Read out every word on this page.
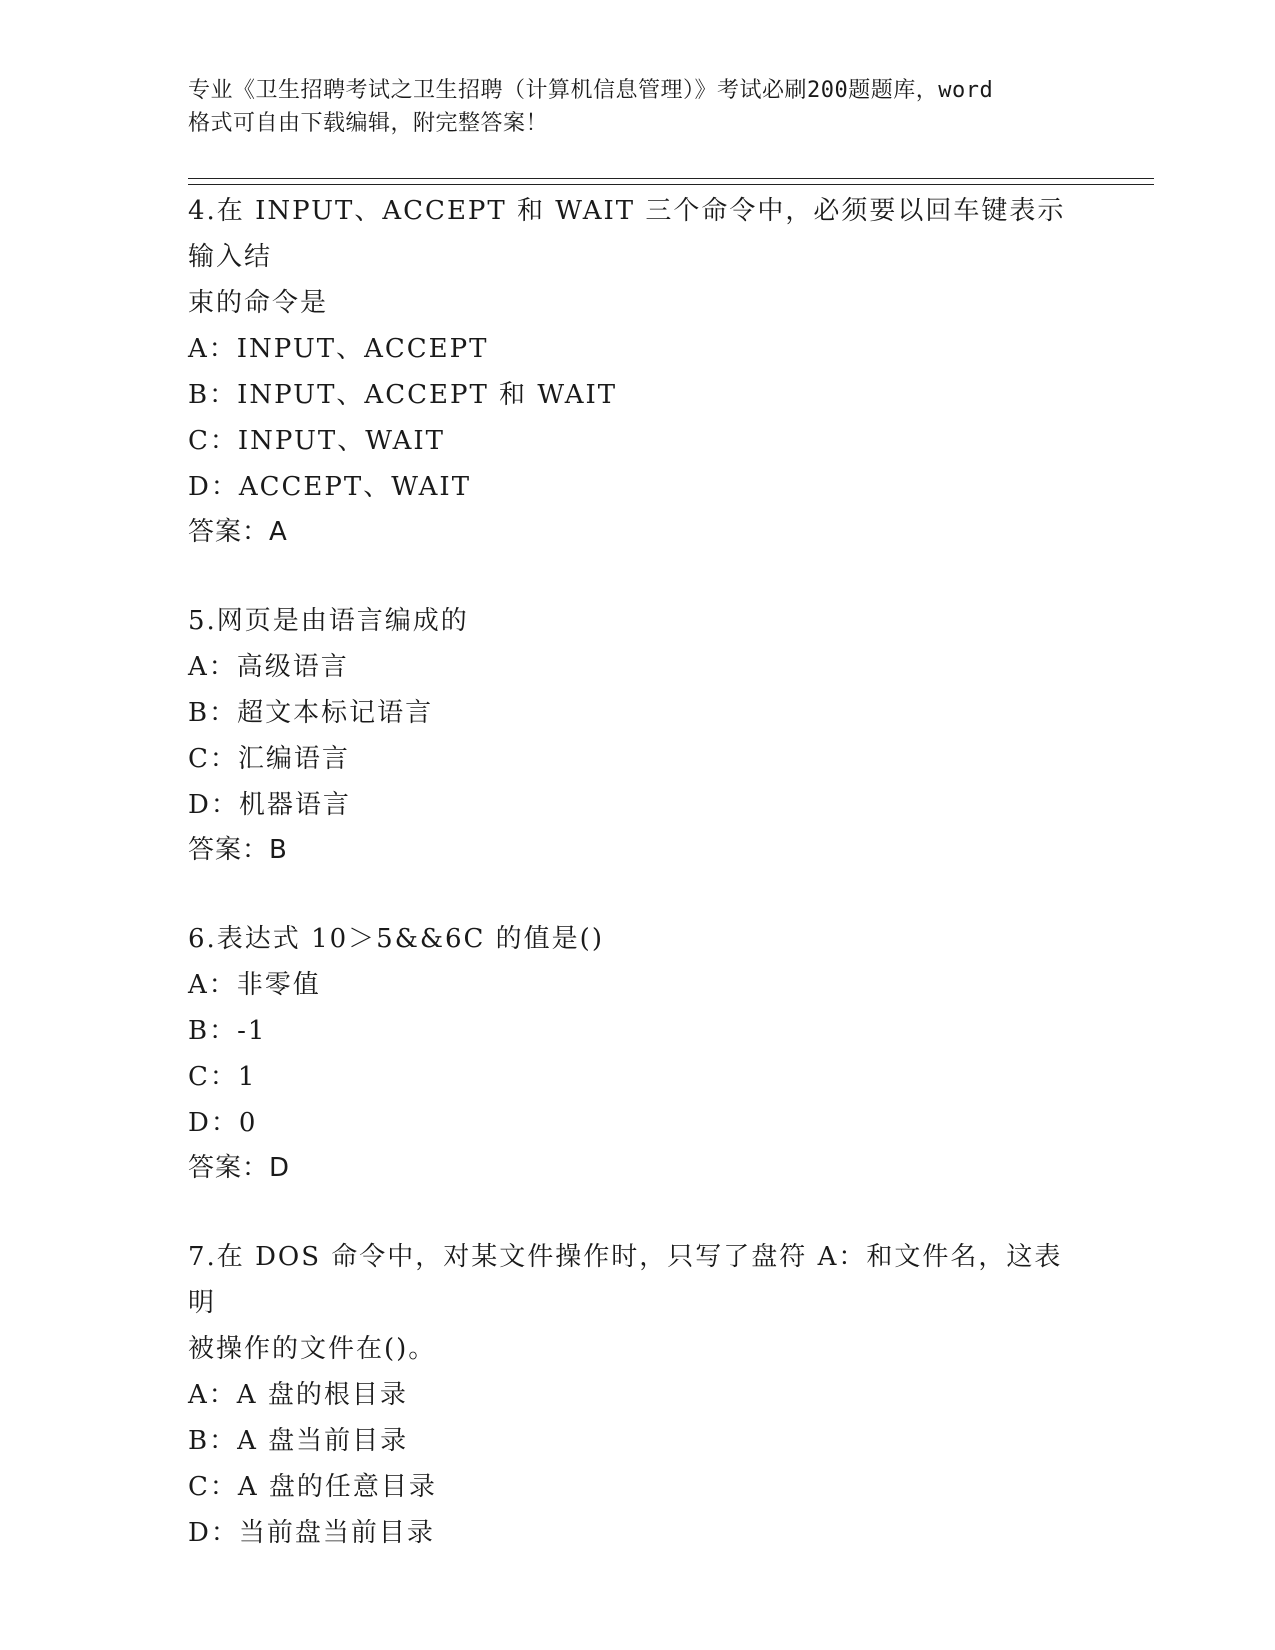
专业《卫生招聘考试之卫生招聘（计算机信息管理）》考试必刷200题题库，word
格式可自由下载编辑，附完整答案！

4.在 INPUT、ACCEPT 和 WAIT 三个命令中，必须要以回车键表示输入结

束的命令是

A：INPUT、ACCEPT

B：INPUT、ACCEPT 和 WAIT

C：INPUT、WAIT

D：ACCEPT、WAIT

答案：A

5.网页是由语言编成的

A：高级语言

B：超文本标记语言

C：汇编语言

D：机器语言

答案：B

6.表达式 10＞5&&6C 的值是()

A：非零值

B：-1

C：1

D：0

答案：D

7.在 DOS 命令中，对某文件操作时，只写了盘符 A：和文件名，这表明

被操作的文件在()。

A：A 盘的根目录

B：A 盘当前目录

C：A 盘的任意目录

D：当前盘当前目录
